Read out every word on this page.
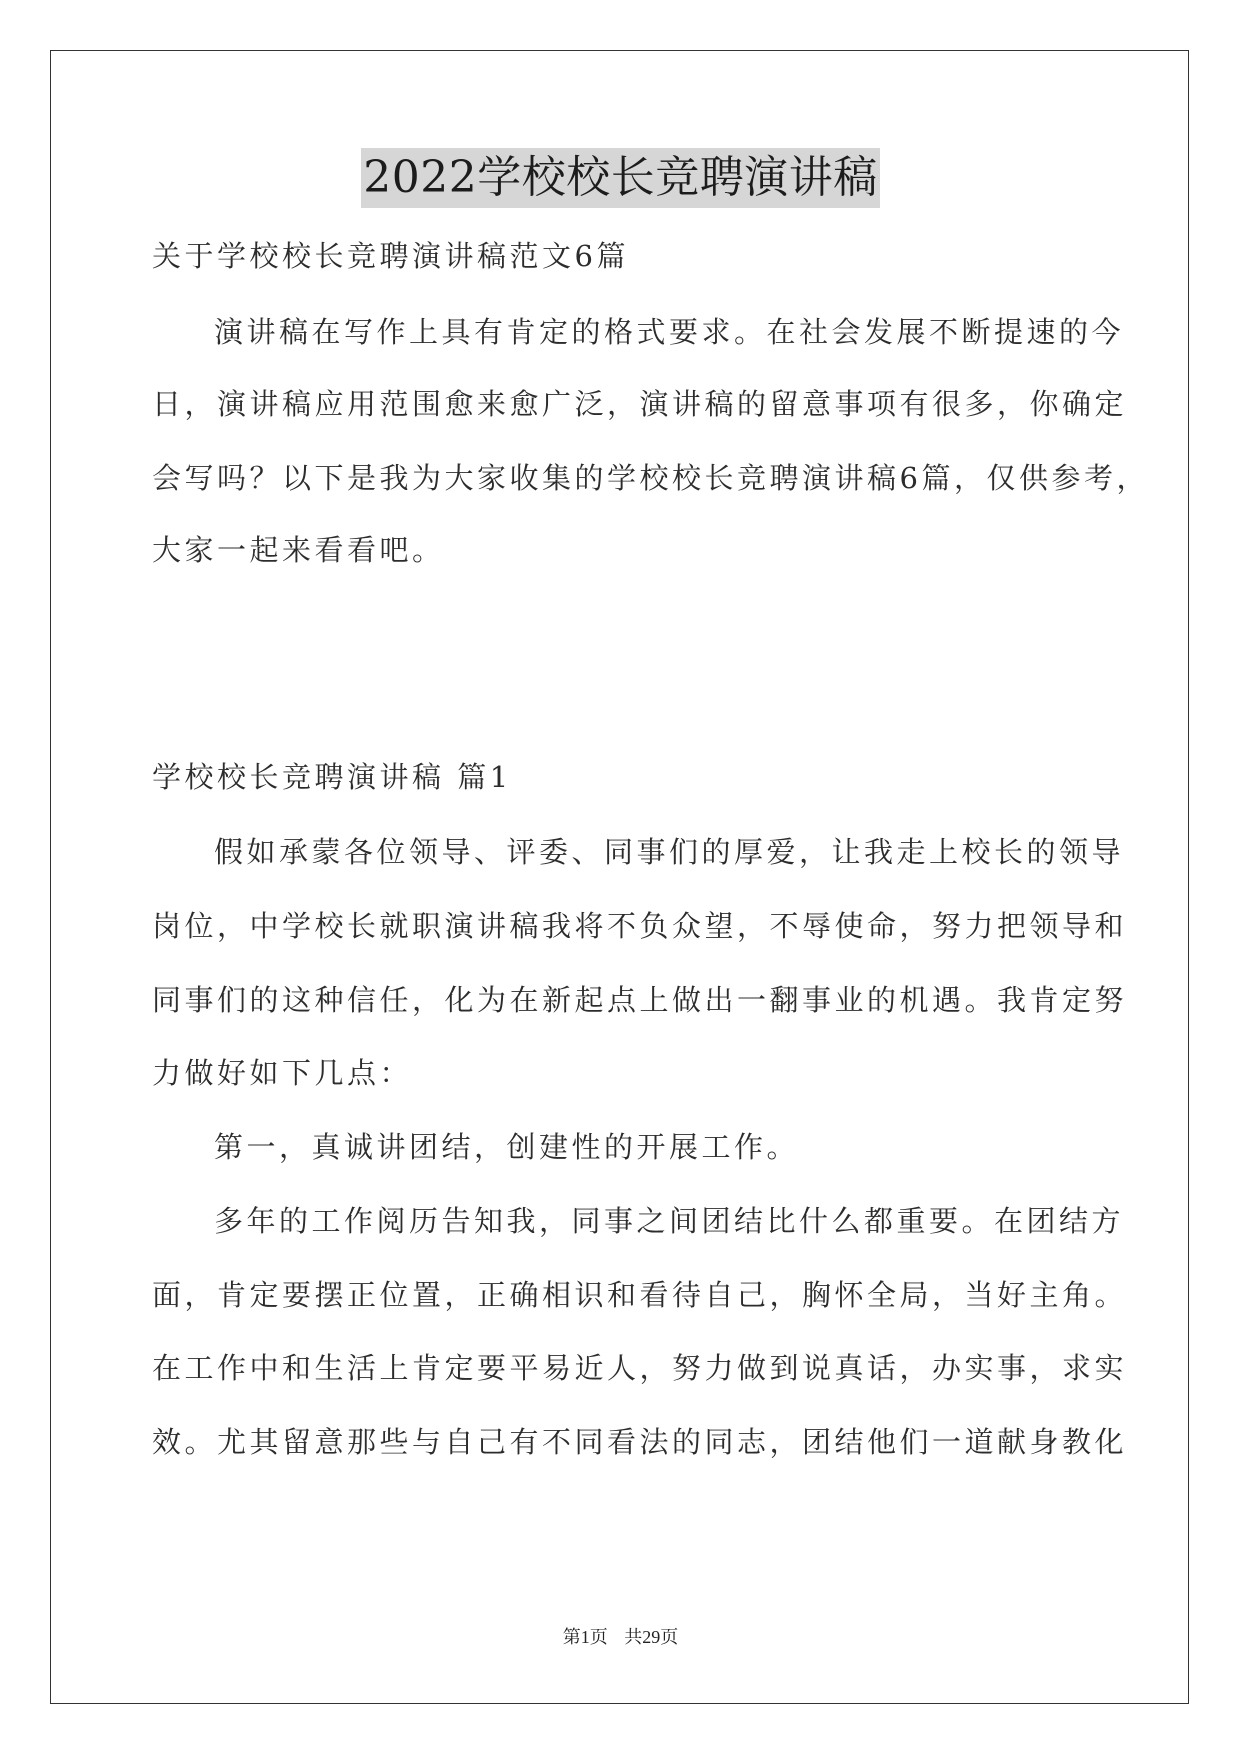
2022学校校长竞聘演讲稿
关于学校校长竞聘演讲稿范文6篇
演讲稿在写作上具有肯定的格式要求。在社会发展不断提速的今
日，演讲稿应用范围愈来愈广泛，演讲稿的留意事项有很多，你确定
会写吗？以下是我为大家收集的学校校长竞聘演讲稿6篇，仅供参考，
大家一起来看看吧。
学校校长竞聘演讲稿 篇1
假如承蒙各位领导、评委、同事们的厚爱，让我走上校长的领导
岗位，中学校长就职演讲稿我将不负众望，不辱使命，努力把领导和
同事们的这种信任，化为在新起点上做出一翻事业的机遇。我肯定努
力做好如下几点：
第一，真诚讲团结，创建性的开展工作。
多年的工作阅历告知我，同事之间团结比什么都重要。在团结方
面，肯定要摆正位置，正确相识和看待自己，胸怀全局，当好主角。
在工作中和生活上肯定要平易近人，努力做到说真话，办实事，求实
效。尤其留意那些与自己有不同看法的同志，团结他们一道献身教化
第1页 共29页
